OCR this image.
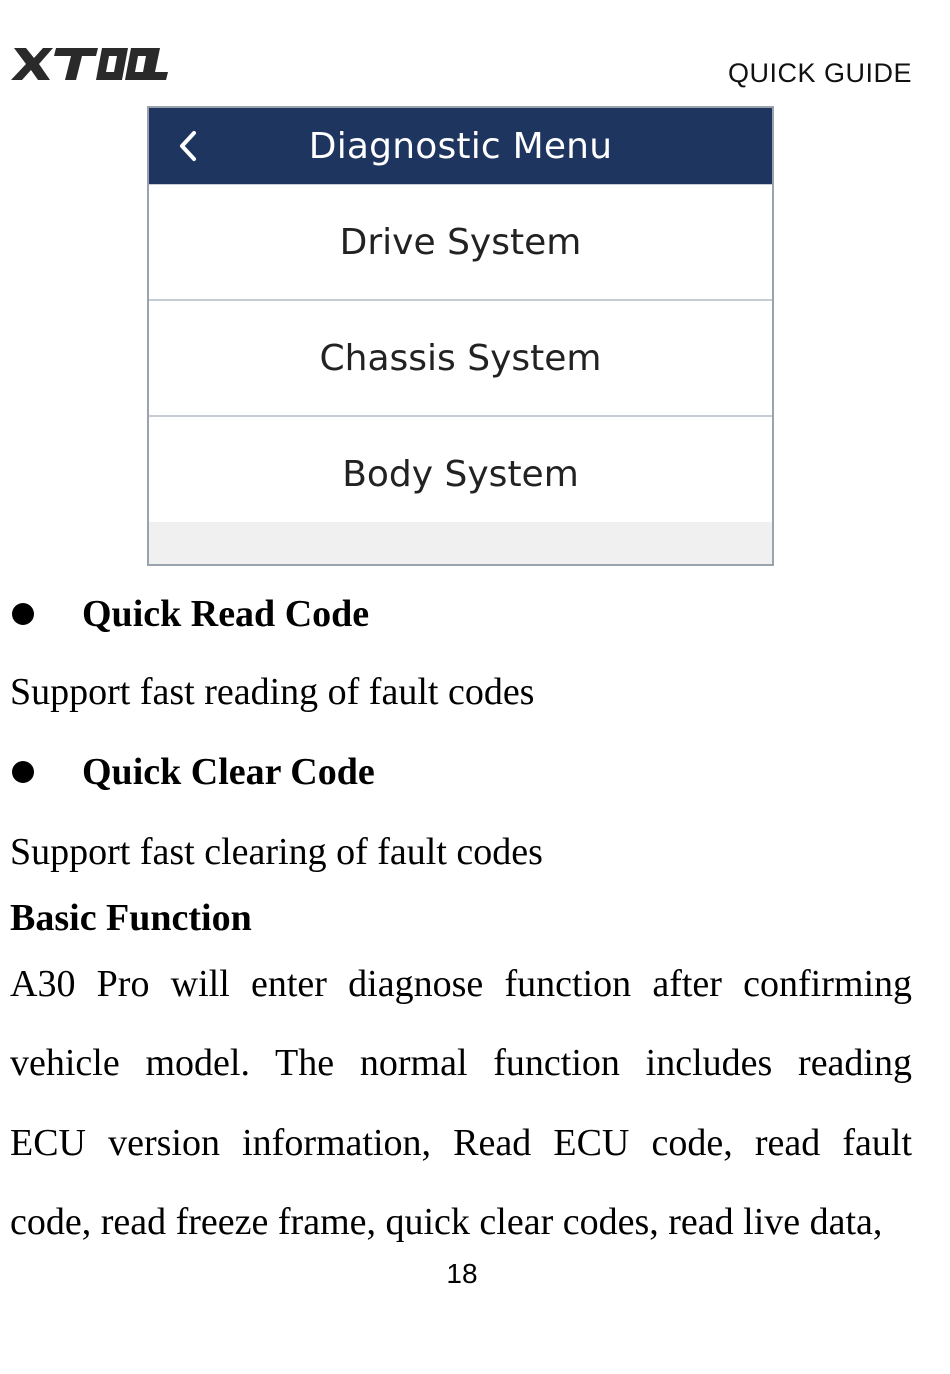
QUICK GUIDE
Diagnostic Menu
Drive System
Chassis System
Body System
Quick Read Code
Support fast reading of fault codes
Quick Clear Code
Support fast clearing of fault codes
Basic Function
A30 Pro will enter diagnose function after confirming
vehicle model. The normal function includes reading
ECU version information, Read ECU code, read fault
code, read freeze frame, quick clear codes, read live data,
18
